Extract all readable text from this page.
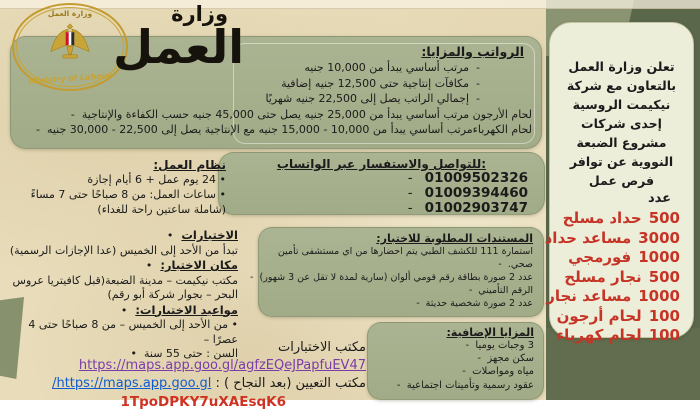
الرواتب والمزايا:
-  مرتب أساسي يبدأ من 10,000 جنيه
-  مكافآت إنتاجية حتى 12,500 جنيه إضافية
-  إجمالي الراتب يصل إلى 22,500 جنيه شهريًا
لحام الأرجون مرتب أساسي يبدأ من 25,000 جنيه يصل حتى 45,000 جنيه حسب الكفاءة والإنتاجية  -
لحام الكهرباءمرتب أساسي يبدأ من 10,000 - 15,000 جنيه مع الإنتاجية يصل إلى 22,500 - 30,000 جنيه  -
وزارة العمل
Ministry of Labour
وزارة
العمل
للتواصل والاستفسار عبر الواتساب:
- 01009502326
- 01009394460
- 01002903747
نظام العمل:
• 24 يوم عمل + 6 أيام إجازة
• ساعات العمل: من 8 صباحًا حتى 7 مساءً
(شاملة ساعتين راحة للغداء)
الاختبارات•
تبدأ من الأحد إلى الخميس (عدا الإجازات الرسمية)
مكان الاختبار:•
مكتب نيكيمت – مدينة الضبعة(قبل كافيتريا عروس البحر – بجوار شركة أبو رقم)
مواعيد الاختبارات:•
• من الأحد إلى الخميس – من 8 صباحًا حتى 4 عصرًا –
السن : حتى 55 سنة  •
المستندات المطلوبة للاختبار:
استمارة 111 للكشف الطبي يتم احضارها من اي مستشفى تأمين صحي.  -
عدد 2 صورة بطاقة رقم قومي ألوان (سارية لمدة لا تقل عن 3 شهور)  -
الرقم التأميني  -
عدد 2 صورة شخصية حديثة  -
المزايا الإضافية:
3 وجبات يوميا  -
سكن مجهز  -
مياه ومواصلات  -
عقود رسمية وتأمينات اجتماعية  -
مكتب الاختبارات https://maps.app.goo.gl/agfzEQeJPapfuEV47
مكتب التعيين (بعد النجاح ) : https://maps.app.goo.gl/
1TpoDPKY7uXAEsqK6
تعلن وزارة العمل بالتعاون مع شركة نيكيمت الروسية إحدى شركات مشروع الضبعة النووية عن توافر فرص عمل
عدد
500حداد مسلح
3000مساعد حداد
1000فورمجي
500نجار مسلح
1000مساعد نجار
100لحام أرجون
100لحام كهرباء
